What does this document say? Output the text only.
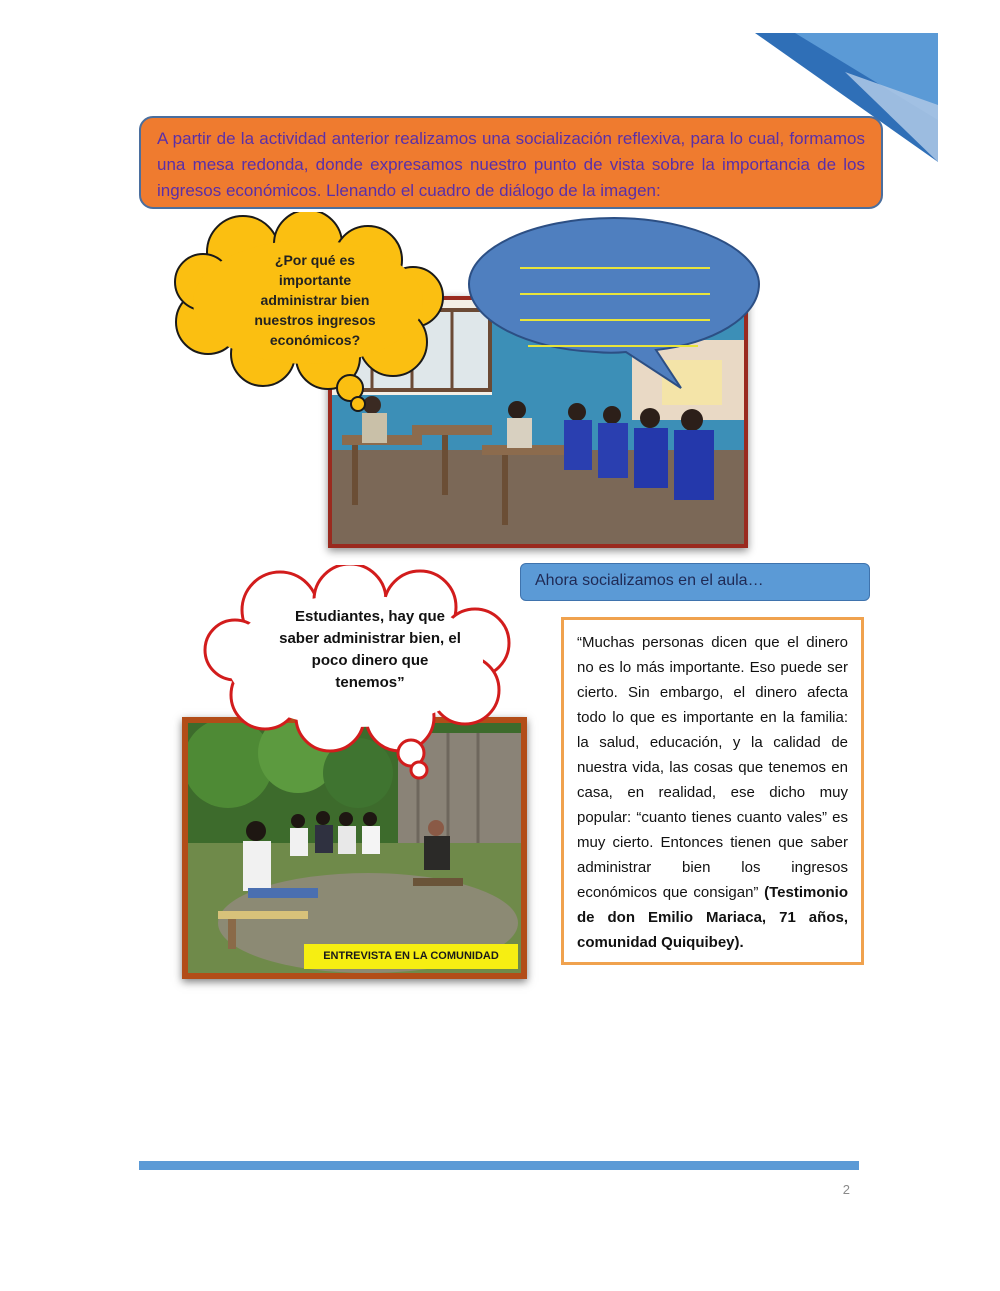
A partir de la actividad anterior realizamos una socialización reflexiva, para lo cual, formamos una mesa redonda, donde expresamos nuestro punto de vista sobre la importancia de los ingresos económicos. Llenando el cuadro de diálogo de la imagen:
¿Por qué es importante administrar bien nuestros ingresos económicos?
ENTREVISTA EN LA COMUNIDAD
Estudiantes, hay que saber administrar bien, el poco dinero que tenemos”
Ahora socializamos en el aula…
“Muchas personas dicen que el dinero no es lo más importante. Eso puede ser cierto. Sin embargo, el dinero afecta todo lo que es importante en la familia: la salud, educación, y la calidad de nuestra vida, las cosas que tenemos en casa, en realidad, ese dicho muy popular: “cuanto tienes cuanto vales” es muy cierto. Entonces tienen que saber administrar bien los ingresos económicos que consigan” (Testimonio de don Emilio Mariaca, 71 años, comunidad Quiquibey).
2
